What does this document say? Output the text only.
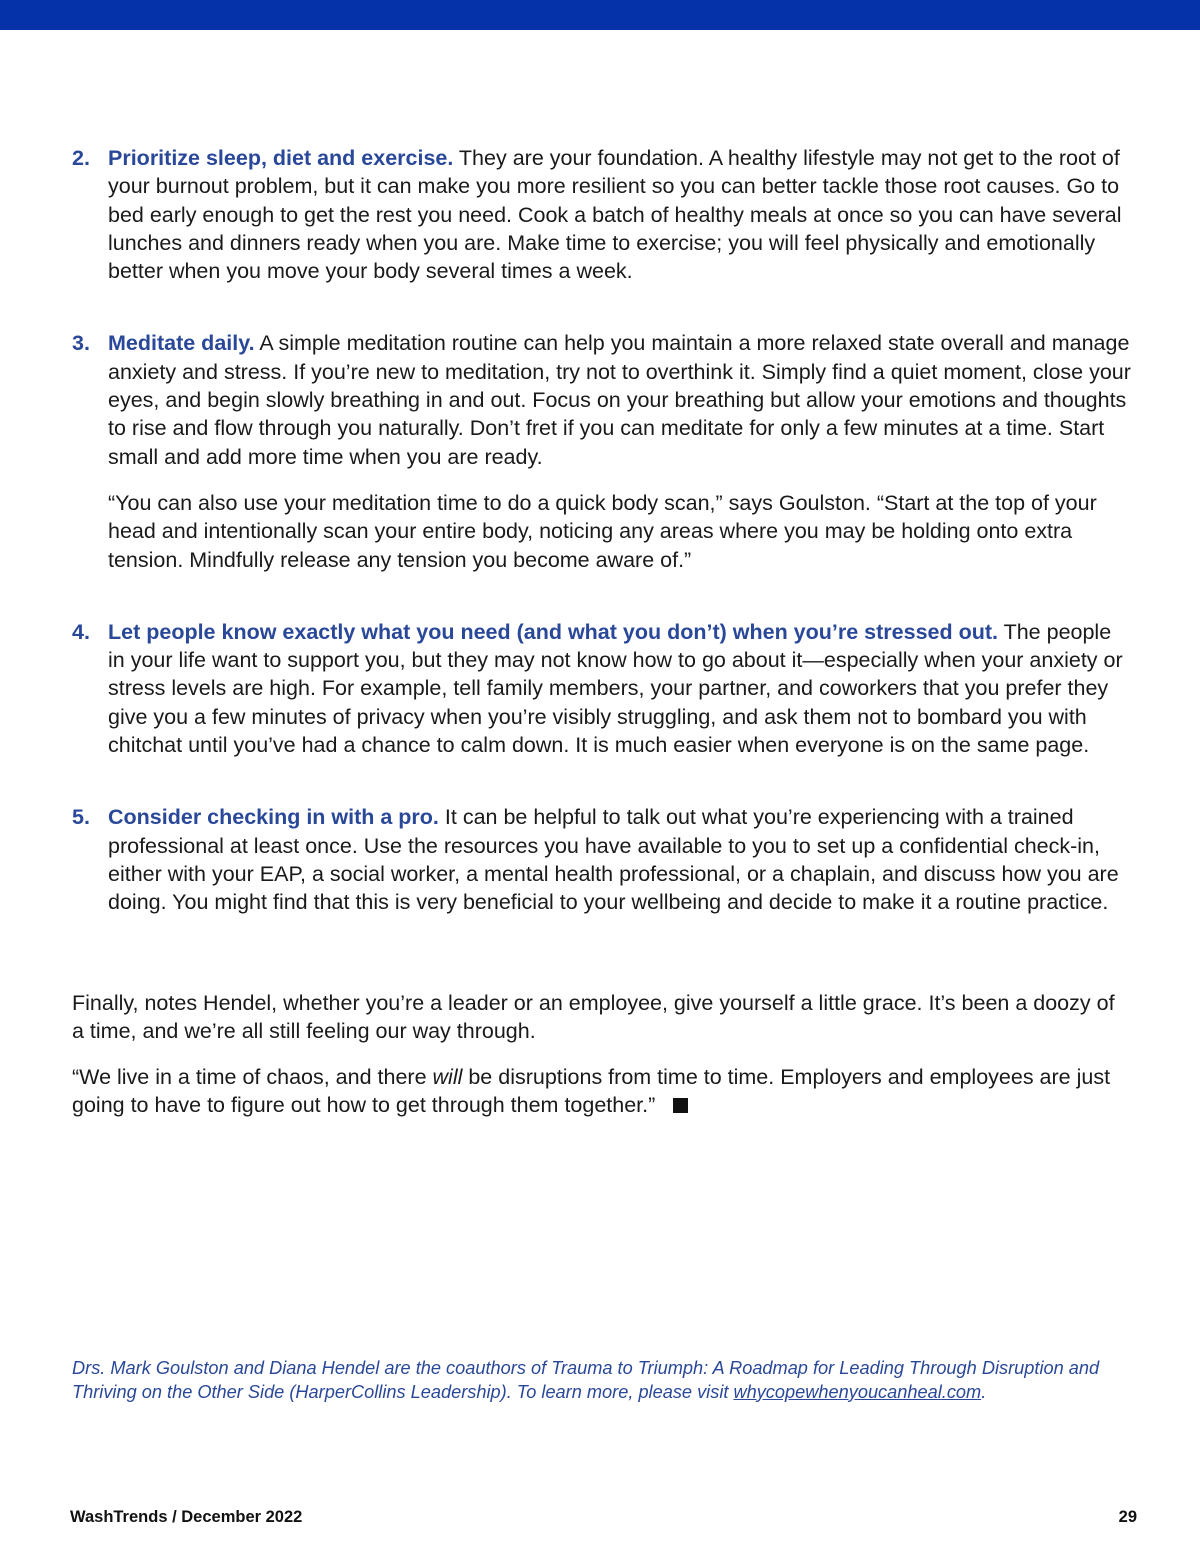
2. Prioritize sleep, diet and exercise. They are your foundation. A healthy lifestyle may not get to the root of your burnout problem, but it can make you more resilient so you can better tackle those root causes. Go to bed early enough to get the rest you need. Cook a batch of healthy meals at once so you can have several lunches and dinners ready when you are. Make time to exercise; you will feel physically and emotionally better when you move your body several times a week.

3. Meditate daily. A simple meditation routine can help you maintain a more relaxed state overall and manage anxiety and stress. If you’re new to meditation, try not to overthink it. Simply find a quiet moment, close your eyes, and begin slowly breathing in and out. Focus on your breathing but allow your emotions and thoughts to rise and flow through you naturally. Don’t fret if you can meditate for only a few minutes at a time. Start small and add more time when you are ready.

“You can also use your meditation time to do a quick body scan,” says Goulston. “Start at the top of your head and intentionally scan your entire body, noticing any areas where you may be holding onto extra tension. Mindfully release any tension you become aware of.”

4. Let people know exactly what you need (and what you don’t) when you’re stressed out. The people in your life want to support you, but they may not know how to go about it—especially when your anxiety or stress levels are high. For example, tell family members, your partner, and coworkers that you prefer they give you a few minutes of privacy when you’re visibly struggling, and ask them not to bombard you with chitchat until you’ve had a chance to calm down. It is much easier when everyone is on the same page.

5. Consider checking in with a pro. It can be helpful to talk out what you’re experiencing with a trained professional at least once. Use the resources you have available to you to set up a confidential check-in, either with your EAP, a social worker, a mental health professional, or a chaplain, and discuss how you are doing. You might find that this is very beneficial to your wellbeing and decide to make it a routine practice.

Finally, notes Hendel, whether you’re a leader or an employee, give yourself a little grace. It’s been a doozy of a time, and we’re all still feeling our way through.

“We live in a time of chaos, and there will be disruptions from time to time. Employers and employees are just going to have to figure out how to get through them together.”

Drs. Mark Goulston and Diana Hendel are the coauthors of Trauma to Triumph: A Roadmap for Leading Through Disruption and Thriving on the Other Side (HarperCollins Leadership). To learn more, please visit whycopewhenyoucanheal.com.
WashTrends / December 2022	29
